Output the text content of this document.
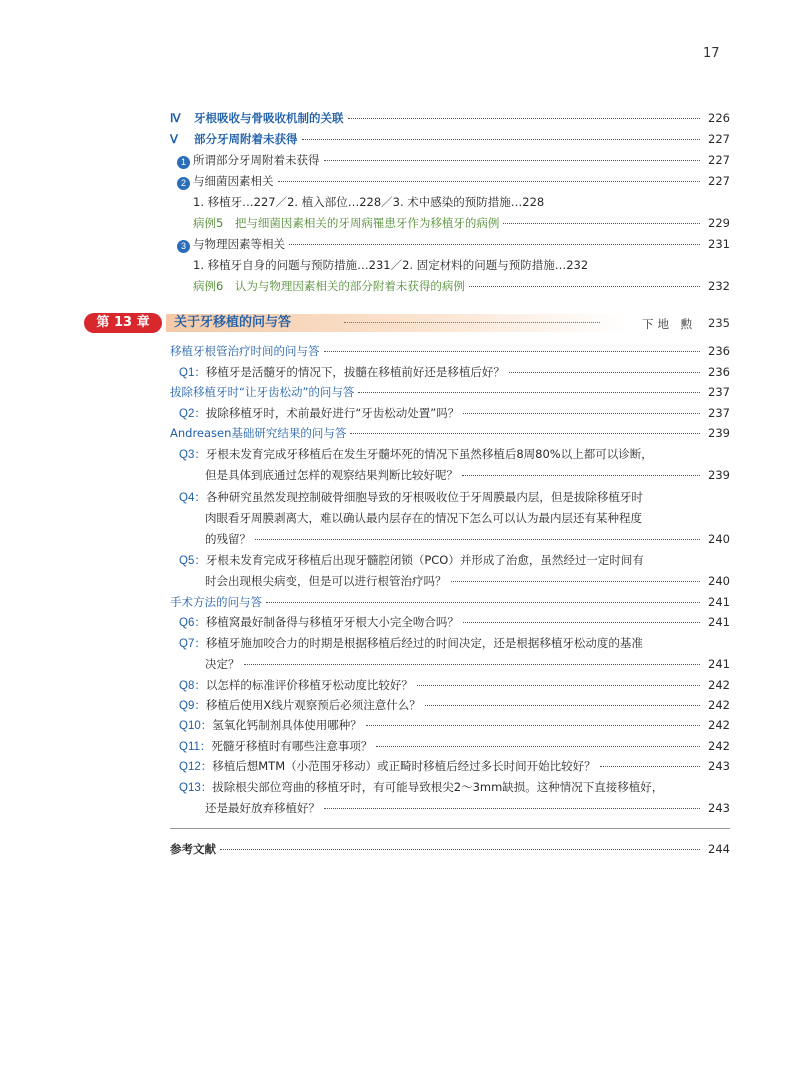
17
Ⅳ 牙根吸收与骨吸收机制的关联	226
Ⅴ 部分牙周附着未获得	227
1 所谓部分牙周附着未获得	227
2 与细菌因素相关	227
1. 移植牙…227／2. 植入部位…228／3. 术中感染的预防措施…228
病例5　把与细菌因素相关的牙周病罹患牙作为移植牙的病例	229
3 与物理因素等相关	231
1. 移植牙自身的问题与预防措施…231／2. 固定材料的问题与预防措施…232
病例6　认为与物理因素相关的部分附着未获得的病例	232
第 13 章	关于牙移植的问与答	下地 勲 235
移植牙根管治疗时间的问与答	236
Q1：移植牙是活髓牙的情况下，拔髓在移植前好还是移植后好？	236
拔除移植牙时“让牙齿松动”的问与答	237
Q2：拔除移植牙时，术前最好进行“牙齿松动处置”吗？	237
Andreasen基础研究结果的问与答	239
Q3：牙根未发育完成牙移植后在发生牙髓坏死的情况下虽然移植后8周80%以上都可以诊断，
但是具体到底通过怎样的观察结果判断比较好呢？	239
Q4：各种研究虽然发现控制破骨细胞导致的牙根吸收位于牙周膜最内层，但是拔除移植牙时
肉眼看牙周膜剥离大，难以确认最内层存在的情况下怎么可以认为最内层还有某种程度
的残留？	240
Q5：牙根未发育完成牙移植后出现牙髓腔闭锁（PCO）并形成了治愈，虽然经过一定时间有
时会出现根尖病变，但是可以进行根管治疗吗？	240
手术方法的问与答	241
Q6：移植窝最好制备得与移植牙牙根大小完全吻合吗？	241
Q7：移植牙施加咬合力的时期是根据移植后经过的时间决定，还是根据移植牙松动度的基准
决定？	241
Q8：以怎样的标准评价移植牙松动度比较好？	242
Q9：移植后使用X线片观察预后必须注意什么？	242
Q10：氢氧化钙制剂具体使用哪种？	242
Q11：死髓牙移植时有哪些注意事项？	242
Q12：移植后想MTM（小范围牙移动）或正畸时移植后经过多长时间开始比较好？	243
Q13：拔除根尖部位弯曲的移植牙时，有可能导致根尖2～3mm缺损。这种情况下直接移植好，
还是最好放弃移植好？	243
参考文献	244
